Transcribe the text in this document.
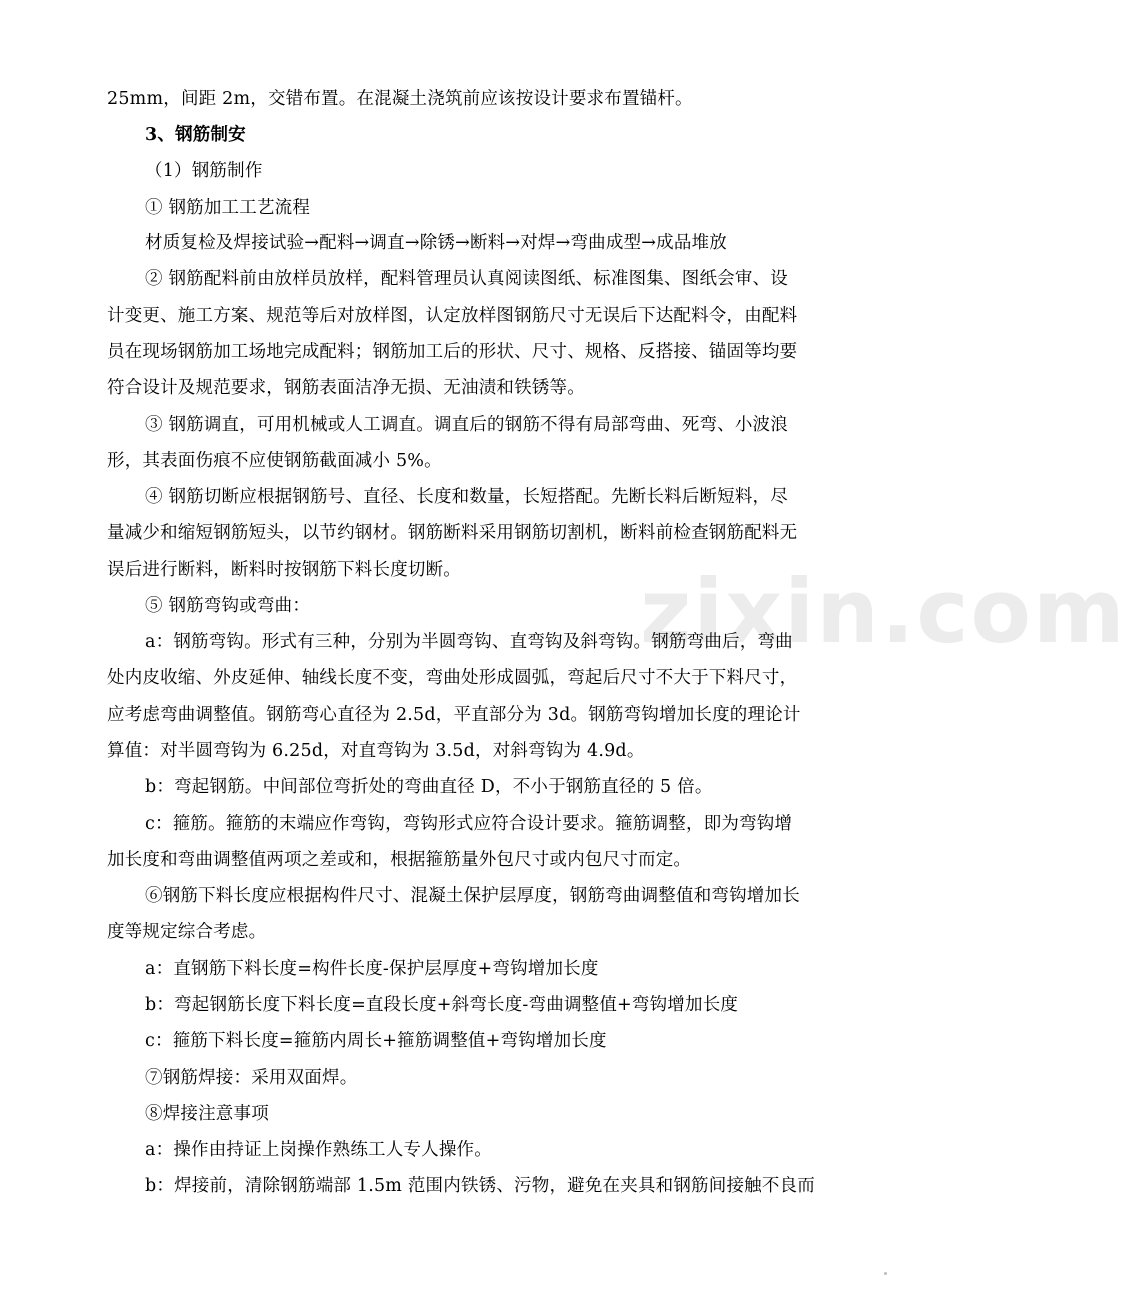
zixin.com
25mm，间距 2m，交错布置。在混凝土浇筑前应该按设计要求布置锚杆。
3、钢筋制安
（1）钢筋制作
① 钢筋加工工艺流程
材质复检及焊接试验→配料→调直→除锈→断料→对焊→弯曲成型→成品堆放
② 钢筋配料前由放样员放样，配料管理员认真阅读图纸、标准图集、图纸会审、设
计变更、施工方案、规范等后对放样图，认定放样图钢筋尺寸无误后下达配料令，由配料
员在现场钢筋加工场地完成配料；钢筋加工后的形状、尺寸、规格、反搭接、锚固等均要
符合设计及规范要求，钢筋表面洁净无损、无油渍和铁锈等。
③ 钢筋调直，可用机械或人工调直。调直后的钢筋不得有局部弯曲、死弯、小波浪
形，其表面伤痕不应使钢筋截面减小 5%。
④ 钢筋切断应根据钢筋号、直径、长度和数量，长短搭配。先断长料后断短料，尽
量减少和缩短钢筋短头，以节约钢材。钢筋断料采用钢筋切割机，断料前检查钢筋配料无
误后进行断料，断料时按钢筋下料长度切断。
⑤ 钢筋弯钩或弯曲：
a：钢筋弯钩。形式有三种，分别为半圆弯钩、直弯钩及斜弯钩。钢筋弯曲后，弯曲
处内皮收缩、外皮延伸、轴线长度不变，弯曲处形成圆弧，弯起后尺寸不大于下料尺寸，
应考虑弯曲调整值。钢筋弯心直径为 2.5d，平直部分为 3d。钢筋弯钩增加长度的理论计
算值：对半圆弯钩为 6.25d，对直弯钩为 3.5d，对斜弯钩为 4.9d。
b：弯起钢筋。中间部位弯折处的弯曲直径 D，不小于钢筋直径的 5 倍。
c：箍筋。箍筋的末端应作弯钩，弯钩形式应符合设计要求。箍筋调整，即为弯钩增
加长度和弯曲调整值两项之差或和，根据箍筋量外包尺寸或内包尺寸而定。
⑥钢筋下料长度应根据构件尺寸、混凝土保护层厚度，钢筋弯曲调整值和弯钩增加长
度等规定综合考虑。
a：直钢筋下料长度=构件长度-保护层厚度+弯钩增加长度
b：弯起钢筋长度下料长度=直段长度+斜弯长度-弯曲调整值+弯钩增加长度
c：箍筋下料长度=箍筋内周长+箍筋调整值+弯钩增加长度
⑦钢筋焊接：采用双面焊。
⑧焊接注意事项
a：操作由持证上岗操作熟练工人专人操作。
b：焊接前，清除钢筋端部 1.5m 范围内铁锈、污物，避免在夹具和钢筋间接触不良而
